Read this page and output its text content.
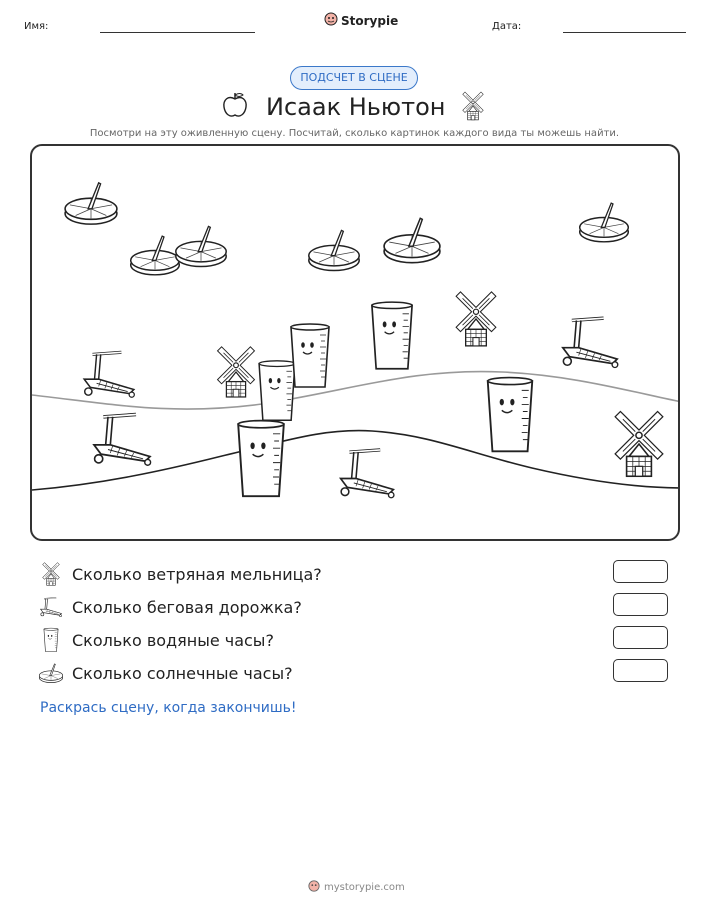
Имя:	Storypie	Дата:
ПОДСЧЕТ В СЦЕНЕ
Исаак Ньютон
Посмотри на эту оживленную сцену. Посчитай, сколько картинок каждого вида ты можешь найти.
Сколько ветряная мельница?
Сколько беговая дорожка?
Сколько водяные часы?
Сколько солнечные часы?
Раскрась сцену, когда закончишь!
mystorypie.com
